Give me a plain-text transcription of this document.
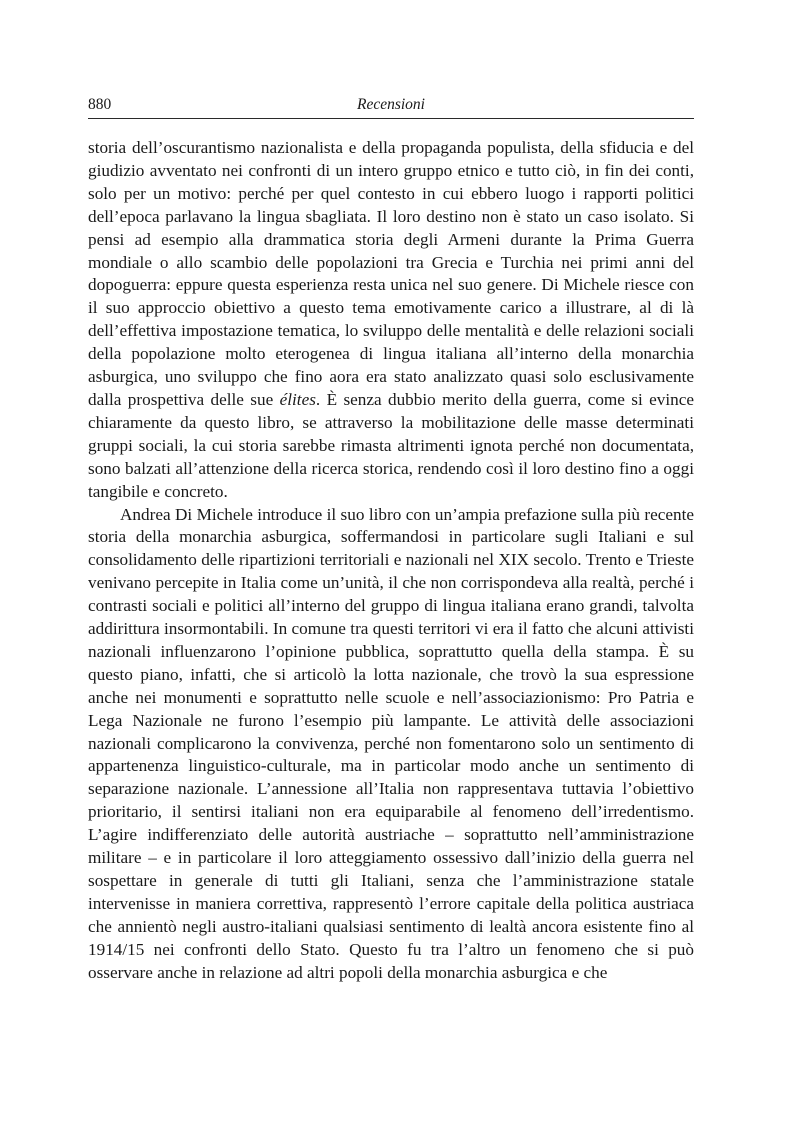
880	Recensioni

storia dell’oscurantismo nazionalista e della propaganda populista, della sfiducia e del giudizio avventato nei confronti di un intero gruppo etnico e tutto ciò, in fin dei conti, solo per un motivo: perché per quel contesto in cui ebbero luogo i rapporti politici dell’epoca parlavano la lingua sbagliata. Il loro destino non è stato un caso isolato. Si pensi ad esempio alla drammatica storia degli Armeni durante la Prima Guerra mondiale o allo scambio delle popolazioni tra Grecia e Turchia nei primi anni del dopoguerra: eppure questa esperienza resta unica nel suo genere. Di Michele riesce con il suo approccio obiettivo a questo tema emotivamente carico a illustrare, al di là dell’effettiva impostazione tematica, lo sviluppo delle mentalità e delle relazioni sociali della popolazione molto eterogenea di lingua italiana all’interno della monarchia asburgica, uno sviluppo che fino aora era stato analizzato quasi solo esclusivamente dalla prospettiva delle sue élites. È senza dubbio merito della guerra, come si evince chiaramente da questo libro, se attraverso la mobilitazione delle masse determinati gruppi sociali, la cui storia sarebbe rimasta altrimenti ignota perché non documentata, sono balzati all’attenzione della ricerca storica, rendendo così il loro destino fino a oggi tangibile e concreto.

Andrea Di Michele introduce il suo libro con un’ampia prefazione sulla più recente storia della monarchia asburgica, soffermandosi in particolare sugli Italiani e sul consolidamento delle ripartizioni territoriali e nazionali nel XIX secolo. Trento e Trieste venivano percepite in Italia come un’unità, il che non corrispondeva alla realtà, perché i contrasti sociali e politici all’interno del gruppo di lingua italiana erano grandi, talvolta addirittura insormontabili. In comune tra questi territori vi era il fatto che alcuni attivisti nazionali influenzarono l’opinione pubblica, soprattutto quella della stampa. È su questo piano, infatti, che si articolò la lotta nazionale, che trovò la sua espressione anche nei monumenti e soprattutto nelle scuole e nell’associazionismo: Pro Patria e Lega Nazionale ne furono l’esempio più lampante. Le attività delle associazioni nazionali complicarono la convivenza, perché non fomentarono solo un sentimento di appartenenza linguistico-culturale, ma in particolar modo anche un sentimento di separazione nazionale. L’annessione all’Italia non rappresentava tuttavia l’obiettivo prioritario, il sentirsi italiani non era equiparabile al fenomeno dell’irredentismo. L’agire indifferenziato delle autorità austriache – soprattutto nell’amministrazione militare – e in particolare il loro atteggiamento ossessivo dall’inizio della guerra nel sospettare in generale di tutti gli Italiani, senza che l’amministrazione statale intervenisse in maniera correttiva, rappresentò l’errore capitale della politica austriaca che annientò negli austro-italiani qualsiasi sentimento di lealtà ancora esistente fino al 1914/15 nei confronti dello Stato. Questo fu tra l’altro un fenomeno che si può osservare anche in relazione ad altri popoli della monarchia asburgica e che
